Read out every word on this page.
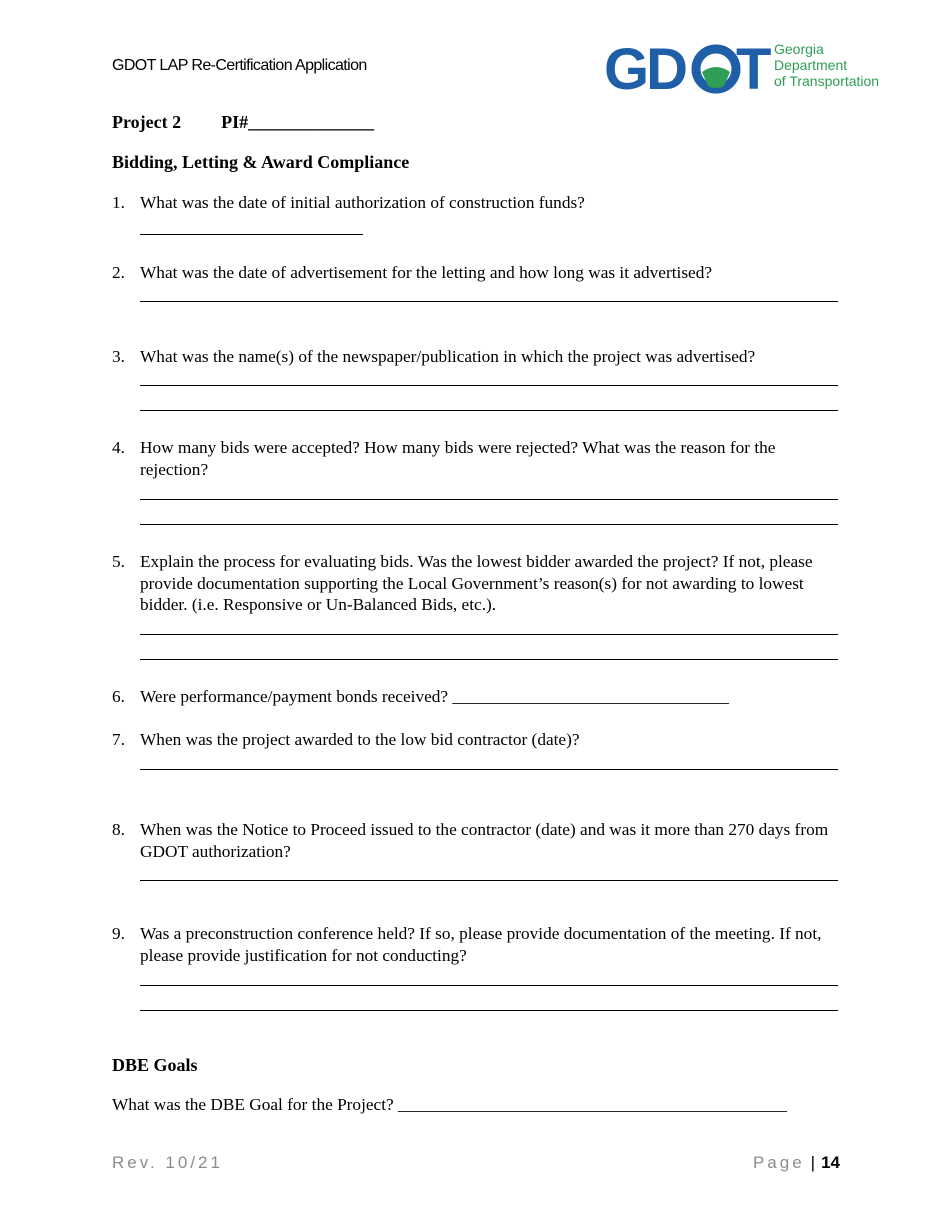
GDOT LAP Re-Certification Application	GD T Georgia
Department
of Transportation
Project 2 PI#______________
Bidding, Letting & Award Compliance
1. What was the date of initial authorization of construction funds?
2. What was the date of advertisement for the letting and how long was it advertised?
3. What was the name(s) of the newspaper/publication in which the project was advertised?
4. How many bids were accepted? How many bids were rejected? What was the reason for the rejection?
5. Explain the process for evaluating bids. Was the lowest bidder awarded the project? If not, please provide documentation supporting the Local Government’s reason(s) for not awarding to lowest bidder. (i.e. Responsive or Un-Balanced Bids, etc.).
6. Were performance/payment bonds received? ________________________________
7. When was the project awarded to the low bid contractor (date)?
8. When was the Notice to Proceed issued to the contractor (date) and was it more than 270 days from GDOT authorization?
9. Was a preconstruction conference held? If so, please provide documentation of the meeting. If not, please provide justification for not conducting?
DBE Goals
What was the DBE Goal for the Project? _____________________________________________
Rev. 10/21	Page | 14
